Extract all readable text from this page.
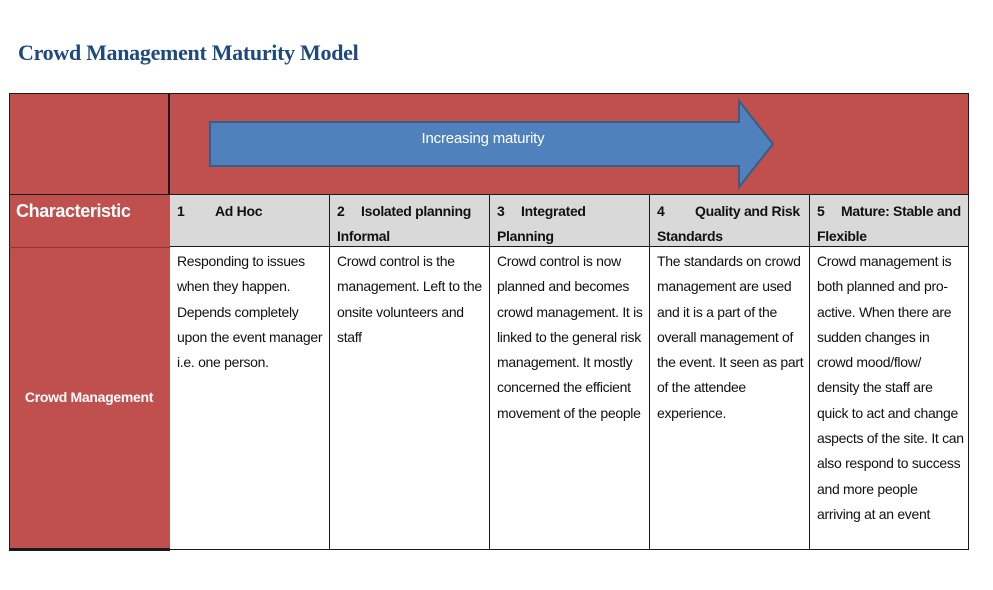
Crowd Management Maturity Model
Increasing maturity
Characteristic
Crowd Management
1 Ad Hoc	2 Isolated planning Informal
3 Integrated Planning
4 Quality and Risk Standards
5 Mature: Stable and Flexible
Responding to issues when they happen. Depends completely upon the event manager i.e. one person.
Crowd control is the management. Left to the onsite volunteers and staff
Crowd control is now planned and becomes crowd management. It is linked to the general risk management. It mostly concerned the efficient movement of the people
The standards on crowd management are used and it is a part of the overall management of the event. It seen as part of the attendee experience.
Crowd management is both planned and pro-active. When there are sudden changes in crowd mood/flow/ density the staff are quick to act and change aspects of the site. It can also respond to success and more people arriving at an event
